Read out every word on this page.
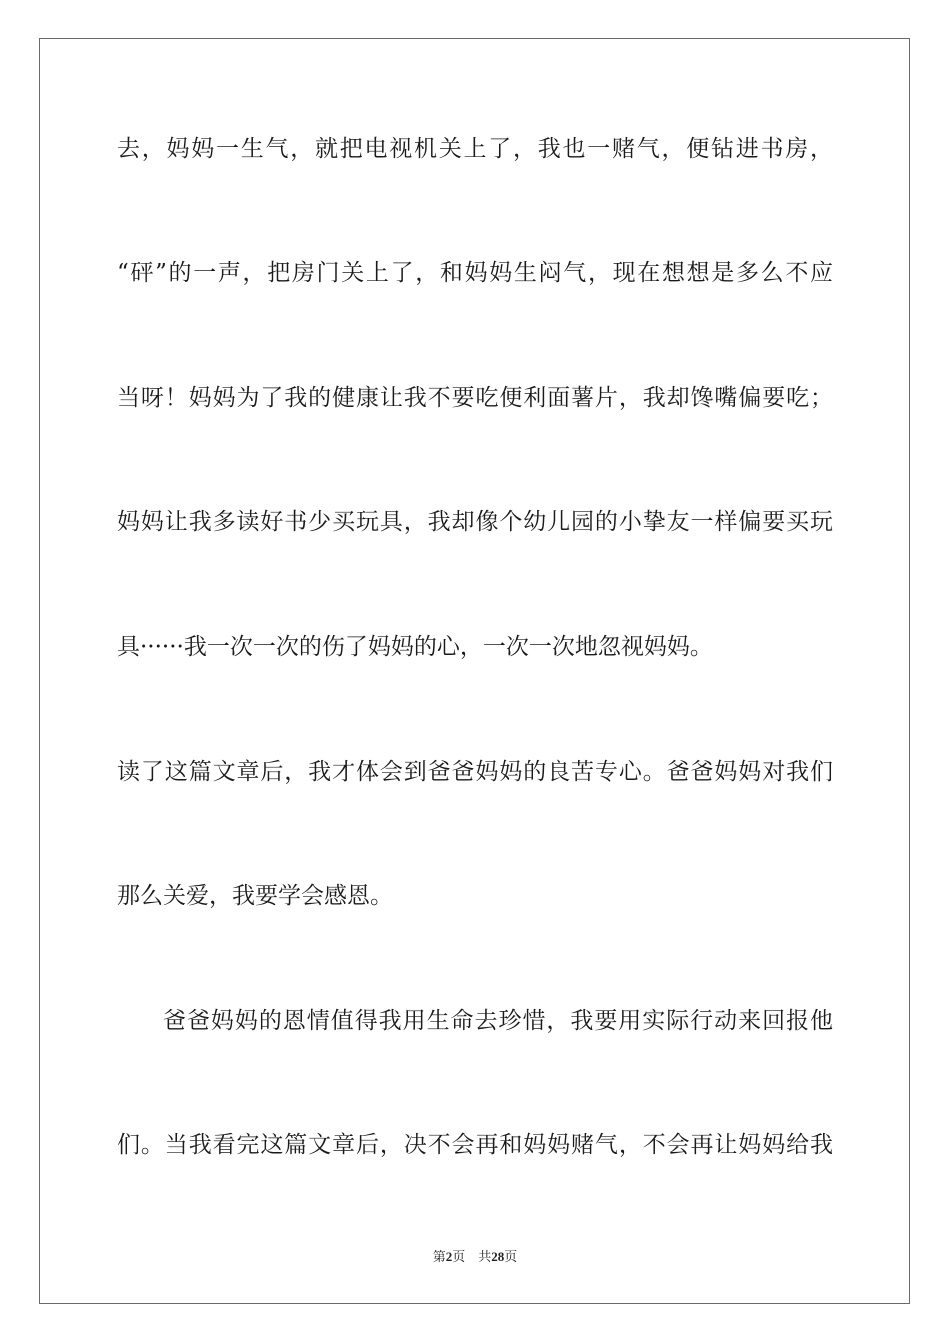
去，妈妈一生气，就把电视机关上了，我也一赌气，便钻进书房，
“砰”的一声，把房门关上了，和妈妈生闷气，现在想想是多么不应
当呀！妈妈为了我的健康让我不要吃便利面薯片，我却馋嘴偏要吃；
妈妈让我多读好书少买玩具，我却像个幼儿园的小挚友一样偏要买玩
具······我一次一次的伤了妈妈的心，一次一次地忽视妈妈。
读了这篇文章后，我才体会到爸爸妈妈的良苦专心。爸爸妈妈对我们
那么关爱，我要学会感恩。
爸爸妈妈的恩情值得我用生命去珍惜，我要用实际行动来回报他
们。当我看完这篇文章后，决不会再和妈妈赌气，不会再让妈妈给我
第2页 共28页
